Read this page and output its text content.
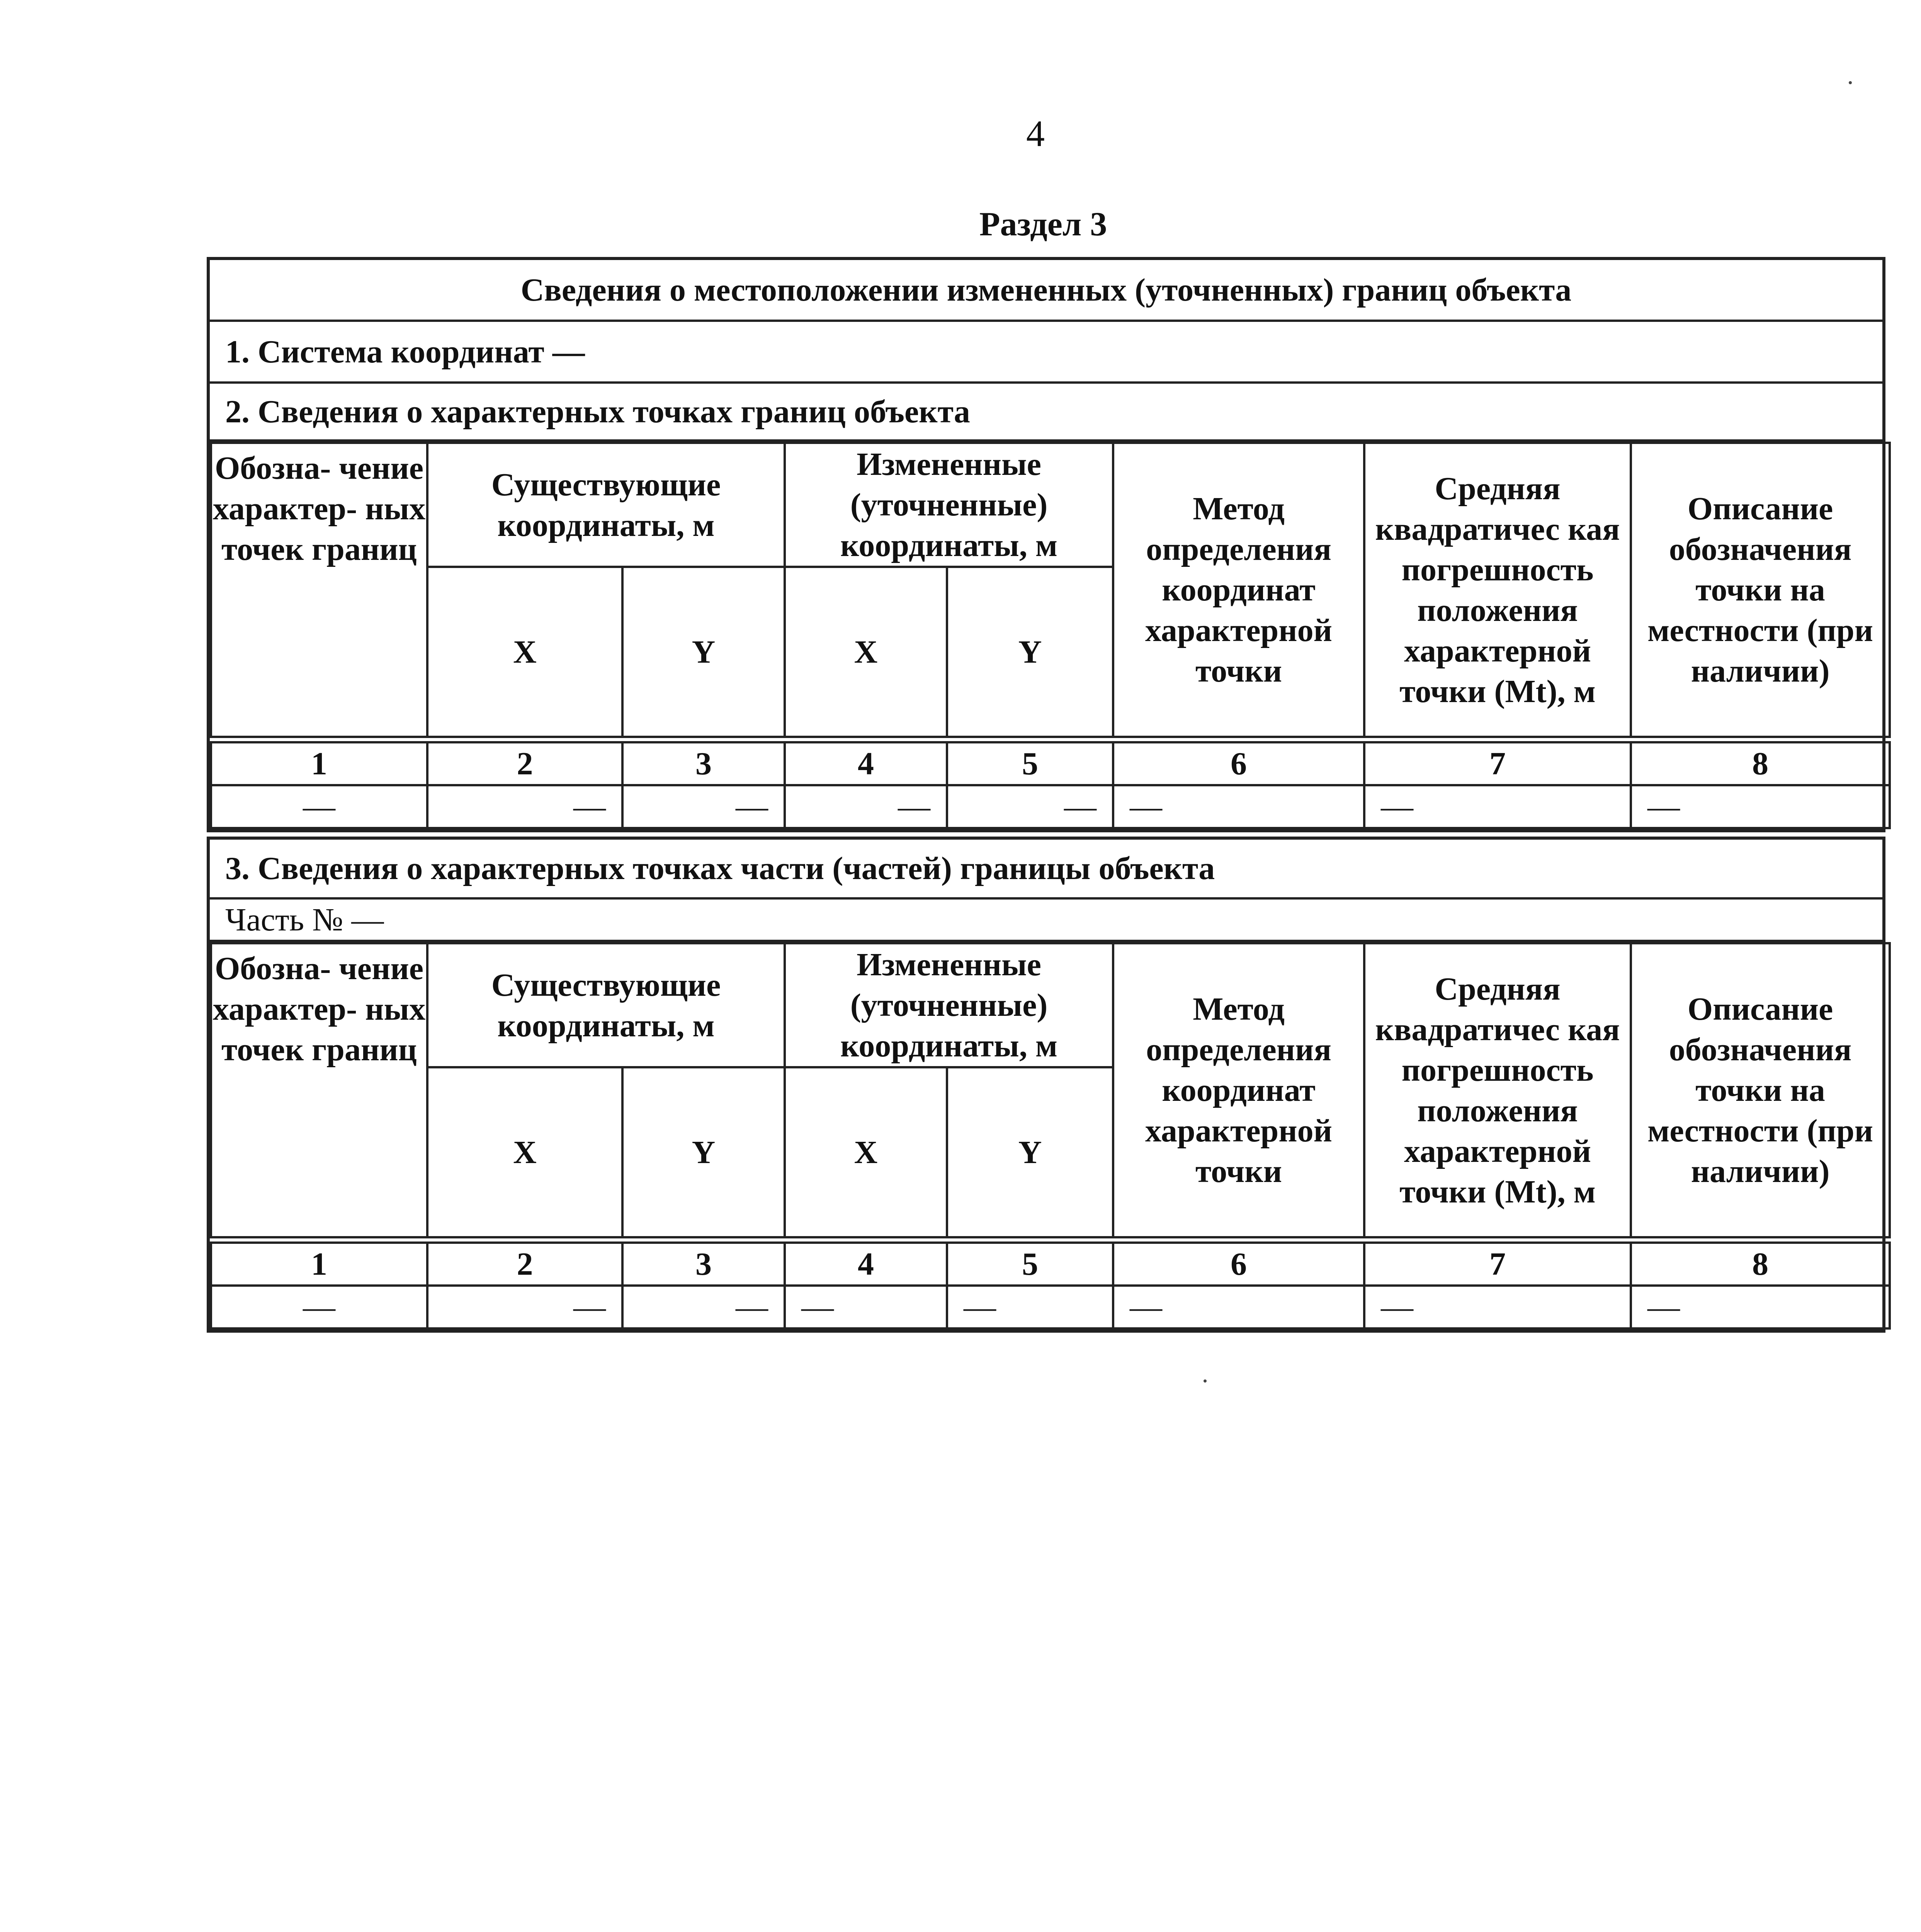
4
Раздел 3
Сведения о местоположении измененных (уточненных) границ объекта
1. Система координат —
2. Сведения о характерных точках границ объекта
Обозна- чение характер- ных точек границ	Существующие координаты, м		Измененные (уточненные) координаты, м		Метод определения координат характерной точки	Средняя квадратичес кая погрешность положения характерной точки (Mt), м	Описание обозначения точки на местности (при наличии)
	X	Y	X	Y			

1	2	3	4	5	6	7	8
—	—	—	—	—	—	—	—
3. Сведения о характерных точках части (частей) границы объекта
Часть № —
Обозна- чение характер- ных точек границ	Существующие координаты, м		Измененные (уточненные) координаты, м		Метод определения координат характерной точки	Средняя квадратичес кая погрешность положения характерной точки (Mt), м	Описание обозначения точки на местности (при наличии)
	X	Y	X	Y			

1	2	3	4	5	6	7	8
—	—	—	—	—	—	—	—
